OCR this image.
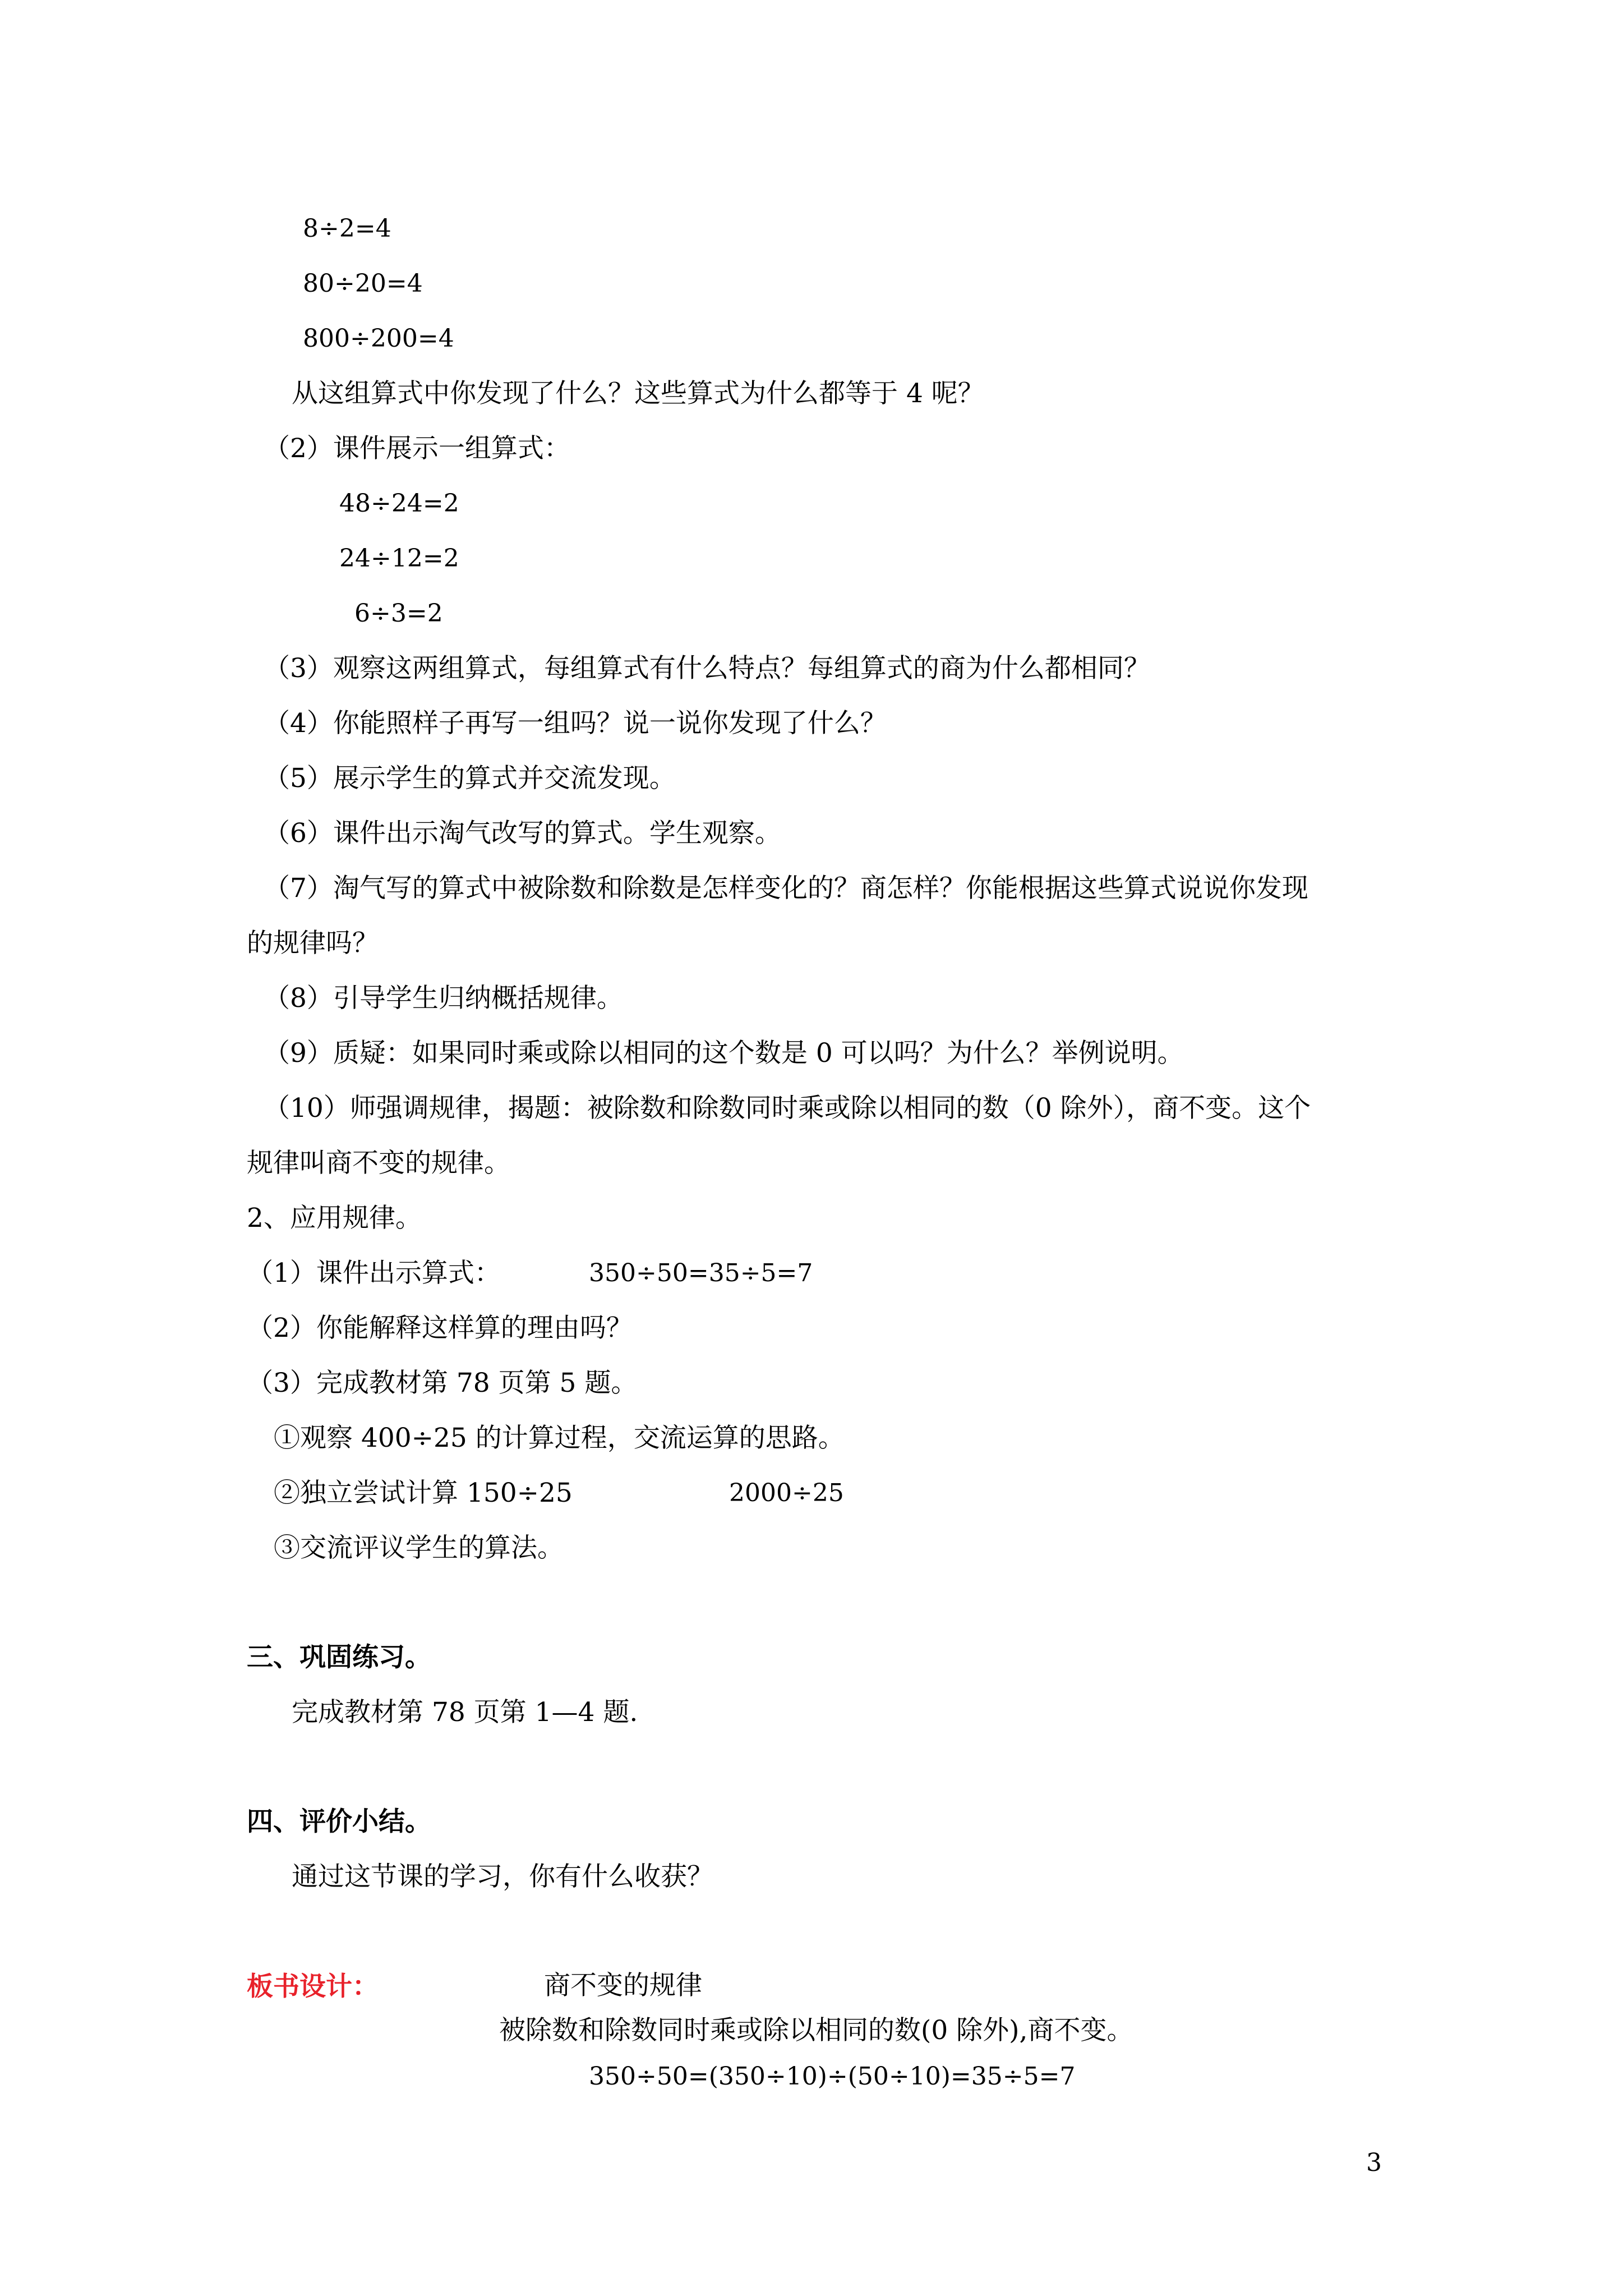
8÷2=4
80÷20=4
800÷200=4
从这组算式中你发现了什么？这些算式为什么都等于 4 呢？
（2）课件展示一组算式：
48÷24=2
24÷12=2
6÷3=2
（3）观察这两组算式，每组算式有什么特点？每组算式的商为什么都相同？
（4）你能照样子再写一组吗？说一说你发现了什么？
（5）展示学生的算式并交流发现。
（6）课件出示淘气改写的算式。学生观察。
（7）淘气写的算式中被除数和除数是怎样变化的？商怎样？你能根据这些算式说说你发现
的规律吗？
（8）引导学生归纳概括规律。
（9）质疑：如果同时乘或除以相同的这个数是 0 可以吗？为什么？举例说明。
（10）师强调规律，揭题：被除数和除数同时乘或除以相同的数（0 除外），商不变。这个
规律叫商不变的规律。
2、应用规律。
（1）课件出示算式：	350÷50=35÷5=7
（2）你能解释这样算的理由吗？
（3）完成教材第 78 页第 5 题。
①观察 400÷25 的计算过程，交流运算的思路。
②独立尝试计算 150÷25	2000÷25
③交流评议学生的算法。
三、巩固练习。
完成教材第 78 页第 1—4 题.
四、评价小结。
通过这节课的学习，你有什么收获？
板书设计：	商不变的规律
被除数和除数同时乘或除以相同的数(0 除外),商不变。
350÷50=(350÷10)÷(50÷10)=35÷5=7
3
